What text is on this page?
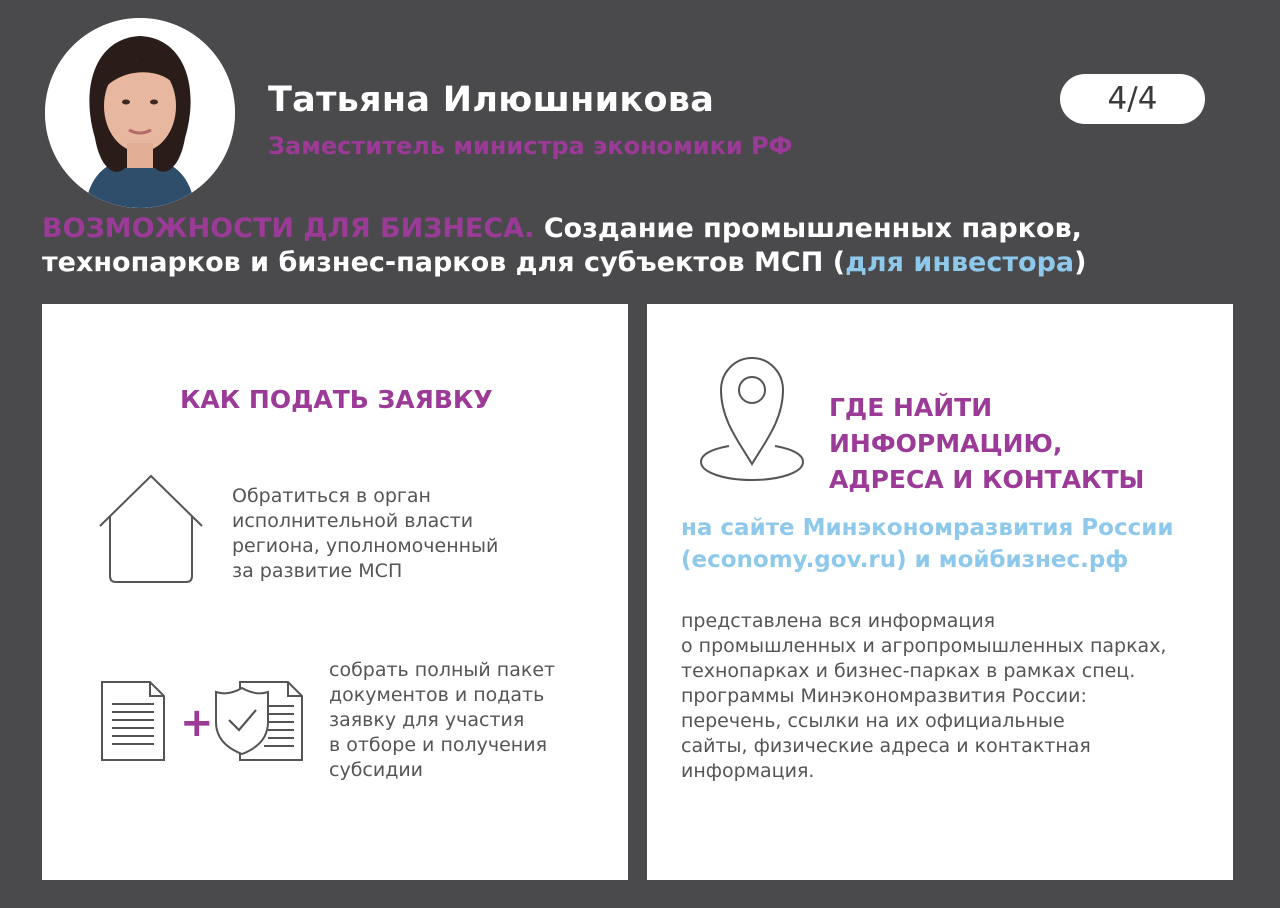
Татьяна Илюшникова
Заместитель министра экономики РФ
4/4
ВОЗМОЖНОСТИ ДЛЯ БИЗНЕСА. Создание промышленных парков, технопарков и бизнес-парков для субъектов МСП (для инвестора)
КАК ПОДАТЬ ЗАЯВКУ
Обратиться в орган
исполнительной власти
региона, уполномоченный
за развитие МСП
+
собрать полный пакет
документов и подать
заявку для участия
в отборе и получения
субсидии
ГДЕ НАЙТИ ИНФОРМАЦИЮ,
АДРЕСА И КОНТАКТЫ
на сайте Минэкономразвития России
(economy.gov.ru) и мойбизнес.рф
представлена вся информация
о промышленных и агропромышленных парках,
технопарках и бизнес-парках в рамках спец.
программы Минэкономразвития России:
перечень, ссылки на их официальные
сайты, физические адреса и контактная
информация.
